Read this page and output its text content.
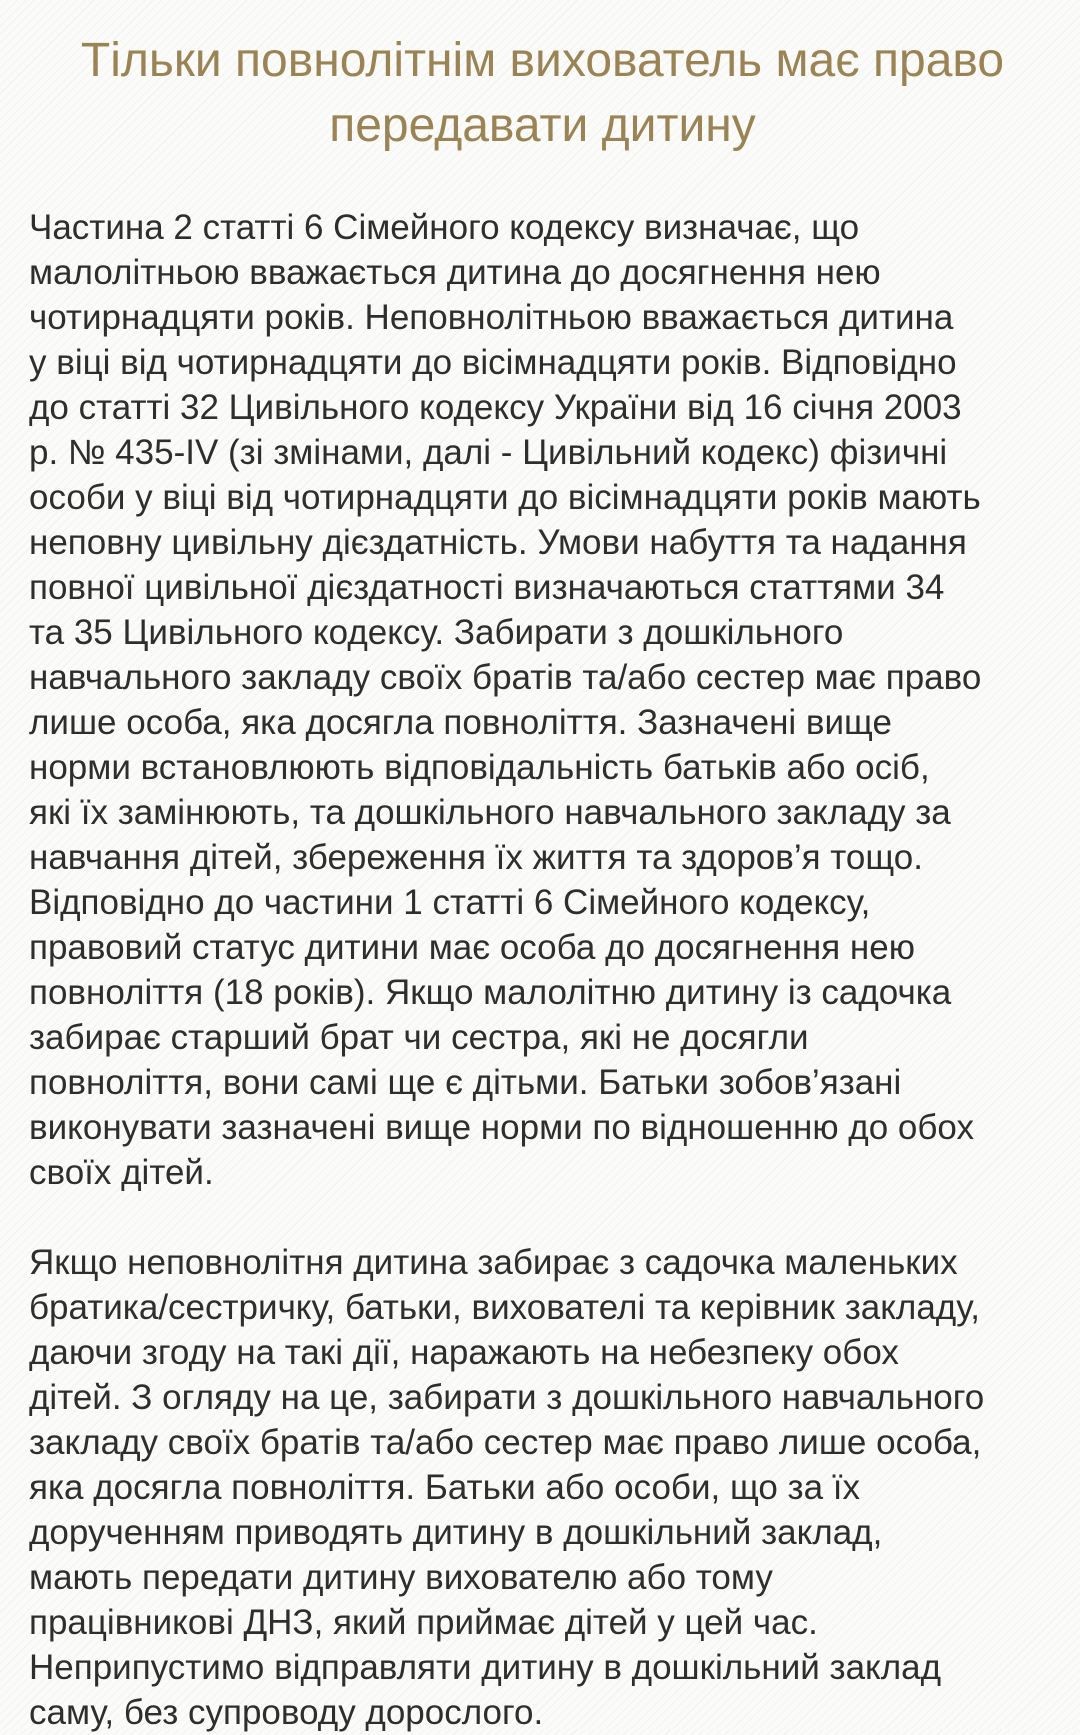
Тільки повнолітнім вихователь має право
передавати дитину

Частина 2 статті 6 Сімейного кодексу визначає, що
малолітньою вважається дитина до досягнення нею
чотирнадцяти років. Неповнолітньою вважається дитина
у віці від чотирнадцяти до вісімнадцяти років. Відповідно
до статті 32 Цивільного кодексу України від 16 січня 2003
р. № 435-IV (зі змінами, далі - Цивільний кодекс) фізичні
особи у віці від чотирнадцяти до вісімнадцяти років мають
неповну цивільну дієздатність. Умови набуття та надання
повної цивільної дієздатності визначаються статтями 34
та 35 Цивільного кодексу. Забирати з дошкільного
навчального закладу своїх братів та/або сестер має право
лише особа, яка досягла повноліття. Зазначені вище
норми встановлюють відповідальність батьків або осіб,
які їх замінюють, та дошкільного навчального закладу за
навчання дітей, збереження їх життя та здоров’я тощо.
Відповідно до частини 1 статті 6 Сімейного кодексу,
правовий статус дитини має особа до досягнення нею
повноліття (18 років). Якщо малолітню дитину із садочка
забирає старший брат чи сестра, які не досягли
повноліття, вони самі ще є дітьми. Батьки зобов’язані
виконувати зазначені вище норми по відношенню до обох
своїх дітей.

Якщо неповнолітня дитина забирає з садочка маленьких
братика/сестричку, батьки, вихователі та керівник закладу,
даючи згоду на такі дії, наражають на небезпеку обох
дітей. З огляду на це, забирати з дошкільного навчального
закладу своїх братів та/або сестер має право лише особа,
яка досягла повноліття. Батьки або особи, що за їх
дорученням приводять дитину в дошкільний заклад,
мають передати дитину вихователю або тому
працівникові ДНЗ, який приймає дітей у цей час.
Неприпустимо відправляти дитину в дошкільний заклад
саму, без супроводу дорослого.
